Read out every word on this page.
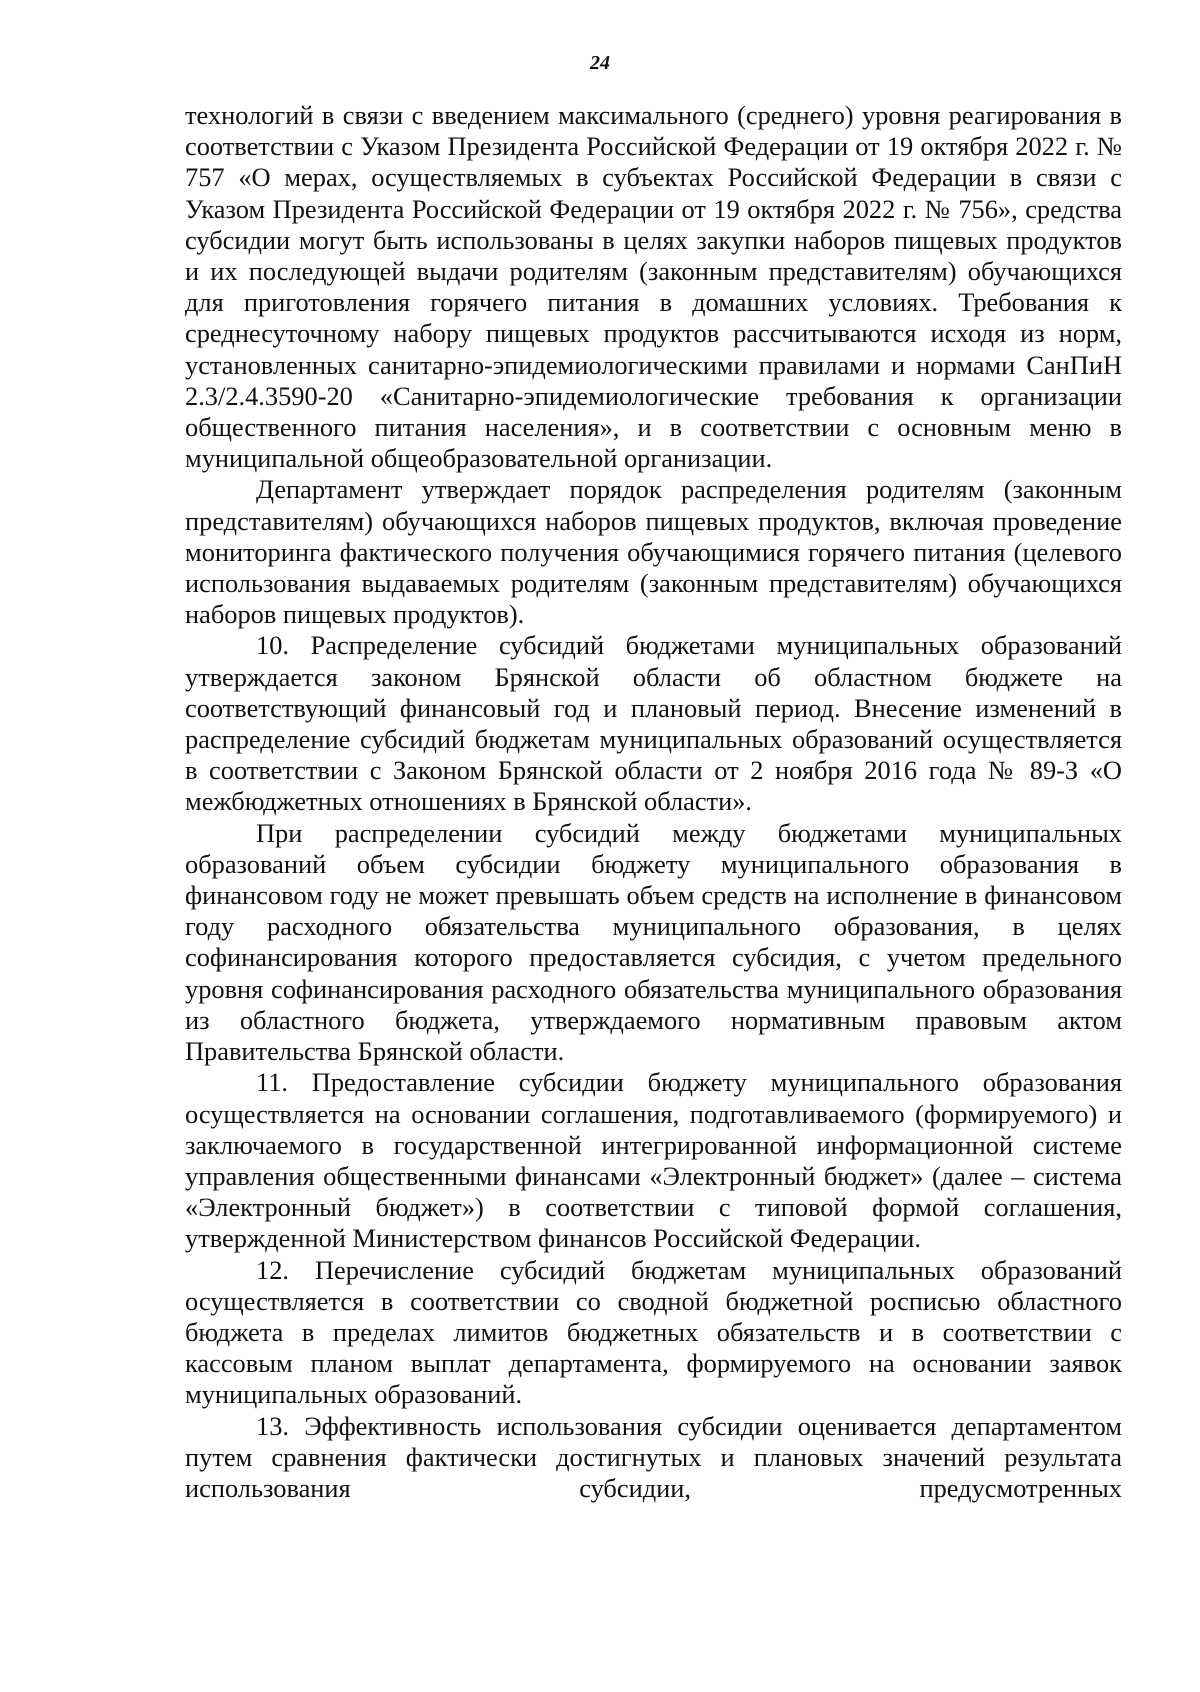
24

технологий в связи с введением максимального (среднего) уровня реагирования в соответствии с Указом Президента Российской Федерации от 19 октября 2022 г. № 757 «О мерах, осуществляемых в субъектах Российской Федерации в связи с Указом Президента Российской Федерации от 19 октября 2022 г. № 756», средства субсидии могут быть использованы в целях закупки наборов пищевых продуктов и их последующей выдачи родителям (законным представителям) обучающихся для приготовления горячего питания в домашних условиях. Требования к среднесуточному набору пищевых продуктов рассчитываются исходя из норм, установленных санитарно-эпидемиологическими правилами и нормами СанПиН 2.3/2.4.3590-20 «Санитарно-эпидемиологические требования к организации общественного питания населения», и в соответствии с основным меню в муниципальной общеобразовательной организации.

Департамент утверждает порядок распределения родителям (законным представителям) обучающихся наборов пищевых продуктов, включая проведение мониторинга фактического получения обучающимися горячего питания (целевого использования выдаваемых родителям (законным представителям) обучающихся наборов пищевых продуктов).

10. Распределение субсидий бюджетами муниципальных образований утверждается законом Брянской области об областном бюджете на соответствующий финансовый год и плановый период. Внесение изменений в распределение субсидий бюджетам муниципальных образований осуществляется в соответствии с Законом Брянской области от 2 ноября 2016 года № 89-З «О межбюджетных отношениях в Брянской области».

При распределении субсидий между бюджетами муниципальных образований объем субсидии бюджету муниципального образования в финансовом году не может превышать объем средств на исполнение в финансовом году расходного обязательства муниципального образования, в целях софинансирования которого предоставляется субсидия, с учетом предельного уровня софинансирования расходного обязательства муниципального образования из областного бюджета, утверждаемого нормативным правовым актом Правительства Брянской области.

11. Предоставление субсидии бюджету муниципального образования осуществляется на основании соглашения, подготавливаемого (формируемого) и заключаемого в государственной интегрированной информационной системе управления общественными финансами «Электронный бюджет» (далее – система «Электронный бюджет») в соответствии с типовой формой соглашения, утвержденной Министерством финансов Российской Федерации.

12. Перечисление субсидий бюджетам муниципальных образований осуществляется в соответствии со сводной бюджетной росписью областного бюджета в пределах лимитов бюджетных обязательств и в соответствии с кассовым планом выплат департамента, формируемого на основании заявок муниципальных образований.

13. Эффективность использования субсидии оценивается департаментом путем сравнения фактически достигнутых и плановых значений результата использования субсидии, предусмотренных
